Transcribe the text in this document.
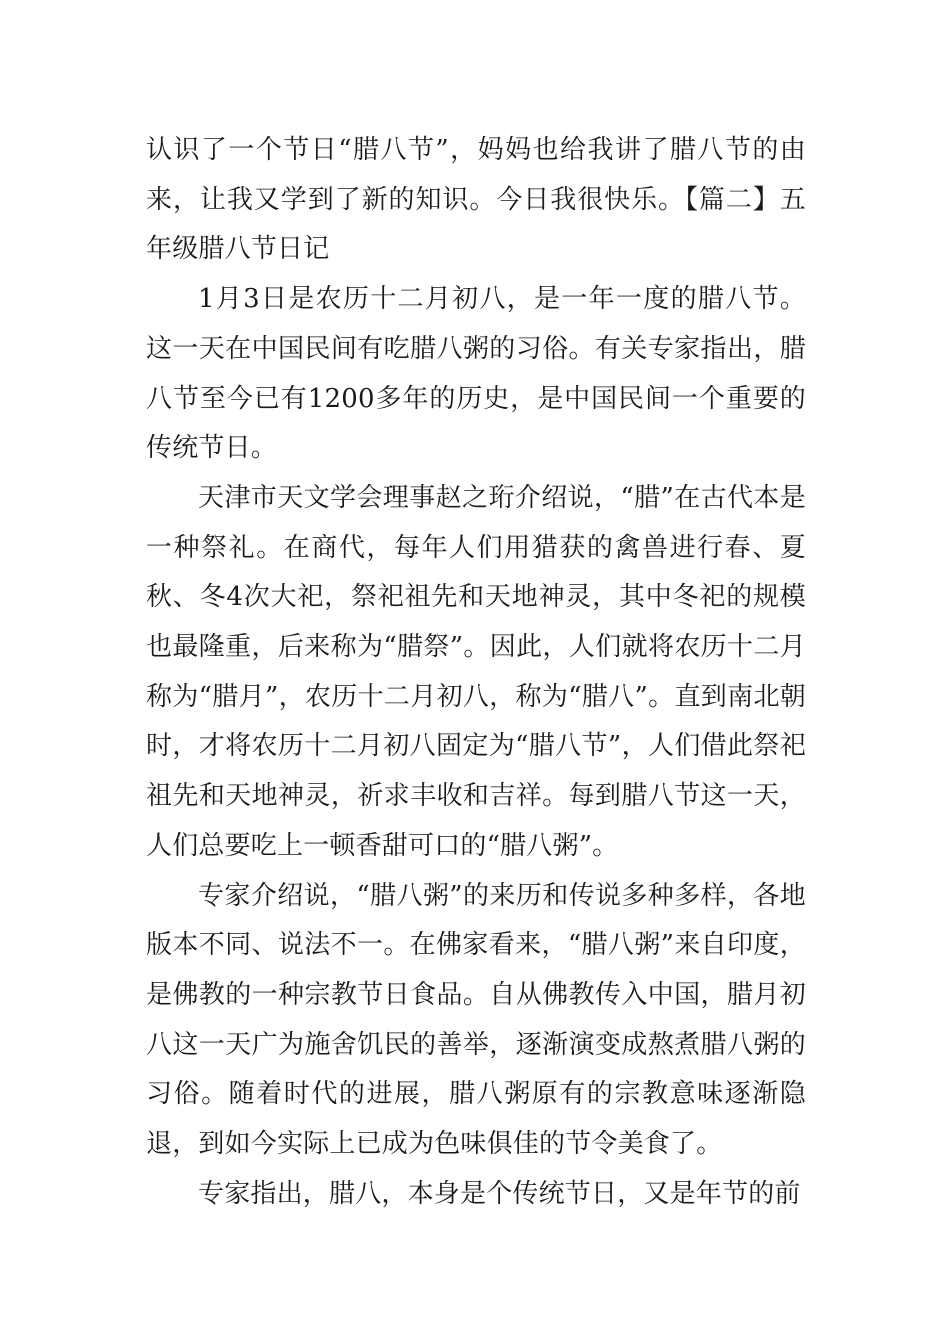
认识了一个节日“腊八节”，妈妈也给我讲了腊八节的由来，让我又学到了新的知识。今日我很快乐。【篇二】五年级腊八节日记

1月3日是农历十二月初八，是一年一度的腊八节。这一天在中国民间有吃腊八粥的习俗。有关专家指出，腊八节至今已有1200多年的历史，是中国民间一个重要的传统节日。

天津市天文学会理事赵之珩介绍说，“腊”在古代本是一种祭礼。在商代，每年人们用猎获的禽兽进行春、夏秋、冬4次大祀，祭祀祖先和天地神灵，其中冬祀的规模也最隆重，后来称为“腊祭”。因此，人们就将农历十二月称为“腊月”，农历十二月初八，称为“腊八”。直到南北朝时，才将农历十二月初八固定为“腊八节”，人们借此祭祀祖先和天地神灵，祈求丰收和吉祥。每到腊八节这一天，人们总要吃上一顿香甜可口的“腊八粥”。

专家介绍说，“腊八粥”的来历和传说多种多样，各地版本不同、说法不一。在佛家看来，“腊八粥”来自印度，是佛教的一种宗教节日食品。自从佛教传入中国，腊月初八这一天广为施舍饥民的善举，逐渐演变成熬煮腊八粥的习俗。随着时代的进展，腊八粥原有的宗教意味逐渐隐退，到如今实际上已成为色味俱佳的节令美食了。

专家指出，腊八，本身是个传统节日，又是年节的前
